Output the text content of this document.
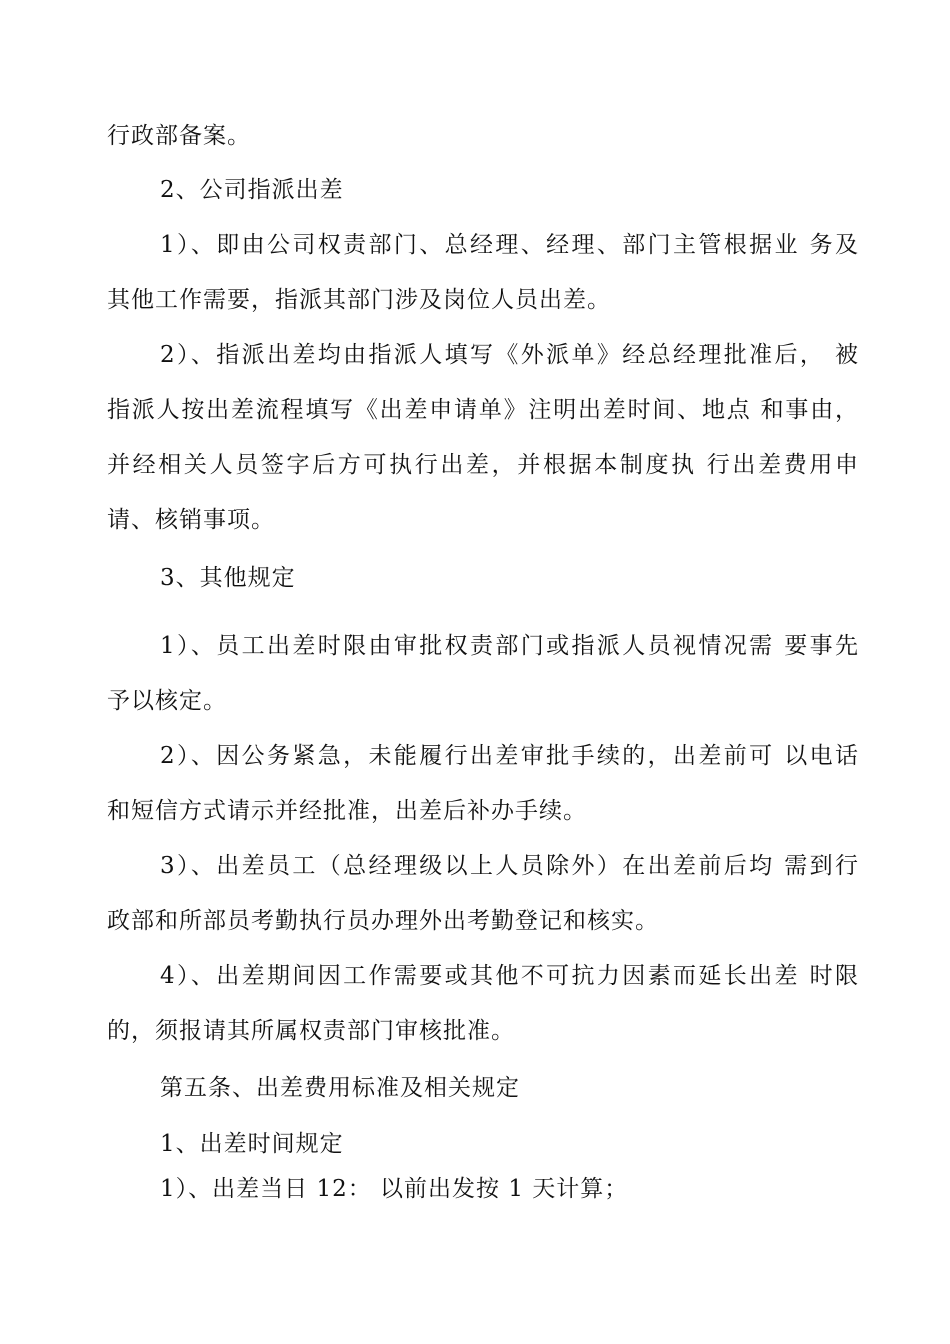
行政部备案。
2、公司指派出差
1）、即由公司权责部门、总经理、经理、部门主管根据业 务及
其他工作需要，指派其部门涉及岗位人员出差。
2）、指派出差均由指派人填写《外派单》经总经理批准后， 被
指派人按出差流程填写《出差申请单》注明出差时间、地点 和事由，
并经相关人员签字后方可执行出差，并根据本制度执 行出差费用申
请、核销事项。
3、其他规定
1）、员工出差时限由审批权责部门或指派人员视情况需 要事先
予以核定。
2）、因公务紧急，未能履行出差审批手续的，出差前可 以电话
和短信方式请示并经批准，出差后补办手续。
3）、出差员工（总经理级以上人员除外）在出差前后均 需到行
政部和所部员考勤执行员办理外出考勤登记和核实。
4）、出差期间因工作需要或其他不可抗力因素而延长出差 时限
的，须报请其所属权责部门审核批准。
第五条、出差费用标准及相关规定
1、出差时间规定
1）、出差当日 12： 以前出发按 1 天计算；
